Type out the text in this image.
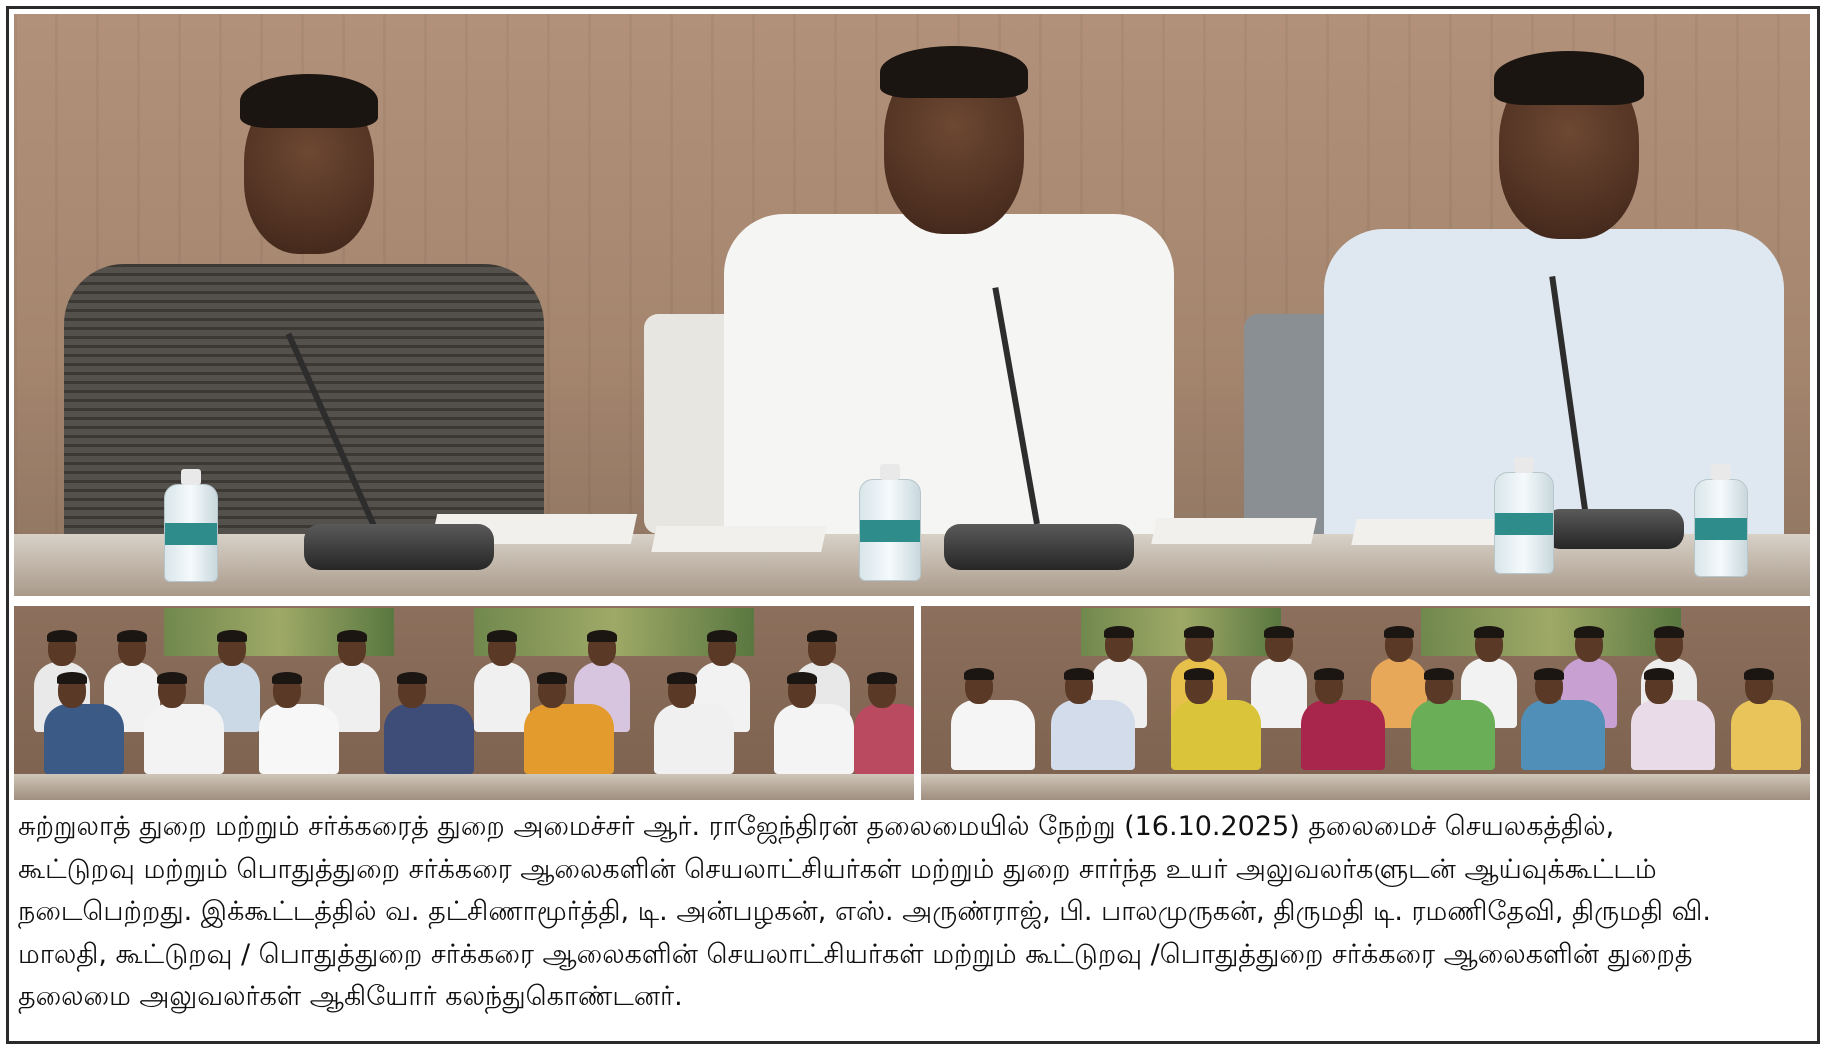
சுற்றுலாத் துறை மற்றும் சர்க்கரைத் துறை அமைச்சர் ஆர். ராஜேந்திரன் தலைமையில் நேற்று (16.10.2025) தலைமைச் செயலகத்தில்,
கூட்டுறவு மற்றும் பொதுத்துறை சர்க்கரை ஆலைகளின் செயலாட்சியர்கள் மற்றும் துறை சார்ந்த உயர் அலுவலர்களுடன் ஆய்வுக்கூட்டம்
நடைபெற்றது. இக்கூட்டத்தில் வ. தட்சிணாமூர்த்தி, டி. அன்பழகன், எஸ். அருண்ராஜ், பி. பாலமுருகன், திருமதி டி. ரமணிதேவி, திருமதி வி.
மாலதி, கூட்டுறவு / பொதுத்துறை சர்க்கரை ஆலைகளின் செயலாட்சியர்கள் மற்றும் கூட்டுறவு /பொதுத்துறை சர்க்கரை ஆலைகளின் துறைத்
தலைமை அலுவலர்கள் ஆகியோர் கலந்துகொண்டனர்.
